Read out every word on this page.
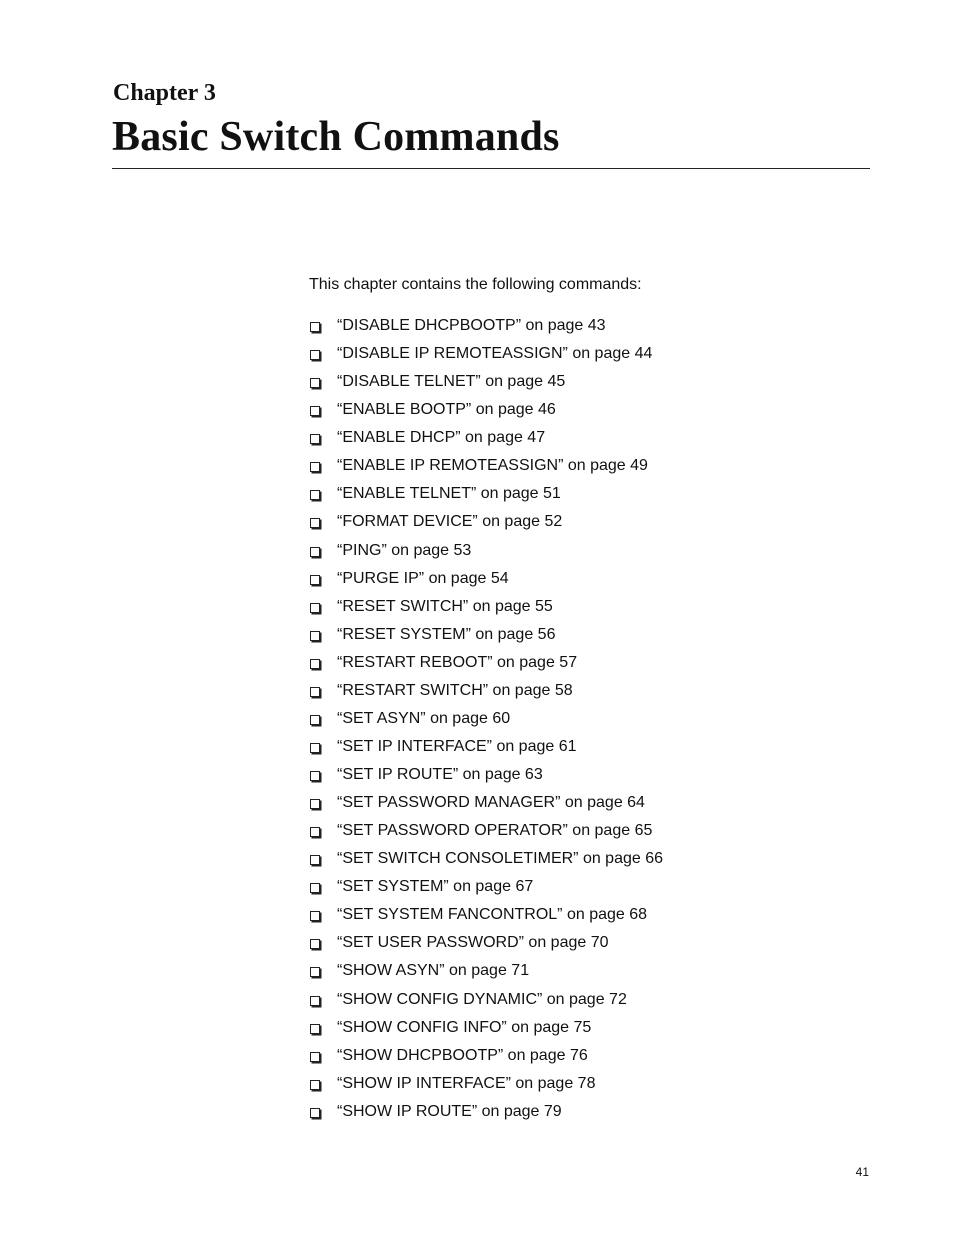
Chapter 3
Basic Switch Commands

This chapter contains the following commands:

“DISABLE DHCPBOOTP” on page 43
“DISABLE IP REMOTEASSIGN” on page 44
“DISABLE TELNET” on page 45
“ENABLE BOOTP” on page 46
“ENABLE DHCP” on page 47
“ENABLE IP REMOTEASSIGN” on page 49
“ENABLE TELNET” on page 51
“FORMAT DEVICE” on page 52
“PING” on page 53
“PURGE IP” on page 54
“RESET SWITCH” on page 55
“RESET SYSTEM” on page 56
“RESTART REBOOT” on page 57
“RESTART SWITCH” on page 58
“SET ASYN” on page 60
“SET IP INTERFACE” on page 61
“SET IP ROUTE” on page 63
“SET PASSWORD MANAGER” on page 64
“SET PASSWORD OPERATOR” on page 65
“SET SWITCH CONSOLETIMER” on page 66
“SET SYSTEM” on page 67
“SET SYSTEM FANCONTROL” on page 68
“SET USER PASSWORD” on page 70
“SHOW ASYN” on page 71
“SHOW CONFIG DYNAMIC” on page 72
“SHOW CONFIG INFO” on page 75
“SHOW DHCPBOOTP” on page 76
“SHOW IP INTERFACE” on page 78
“SHOW IP ROUTE” on page 79
41
